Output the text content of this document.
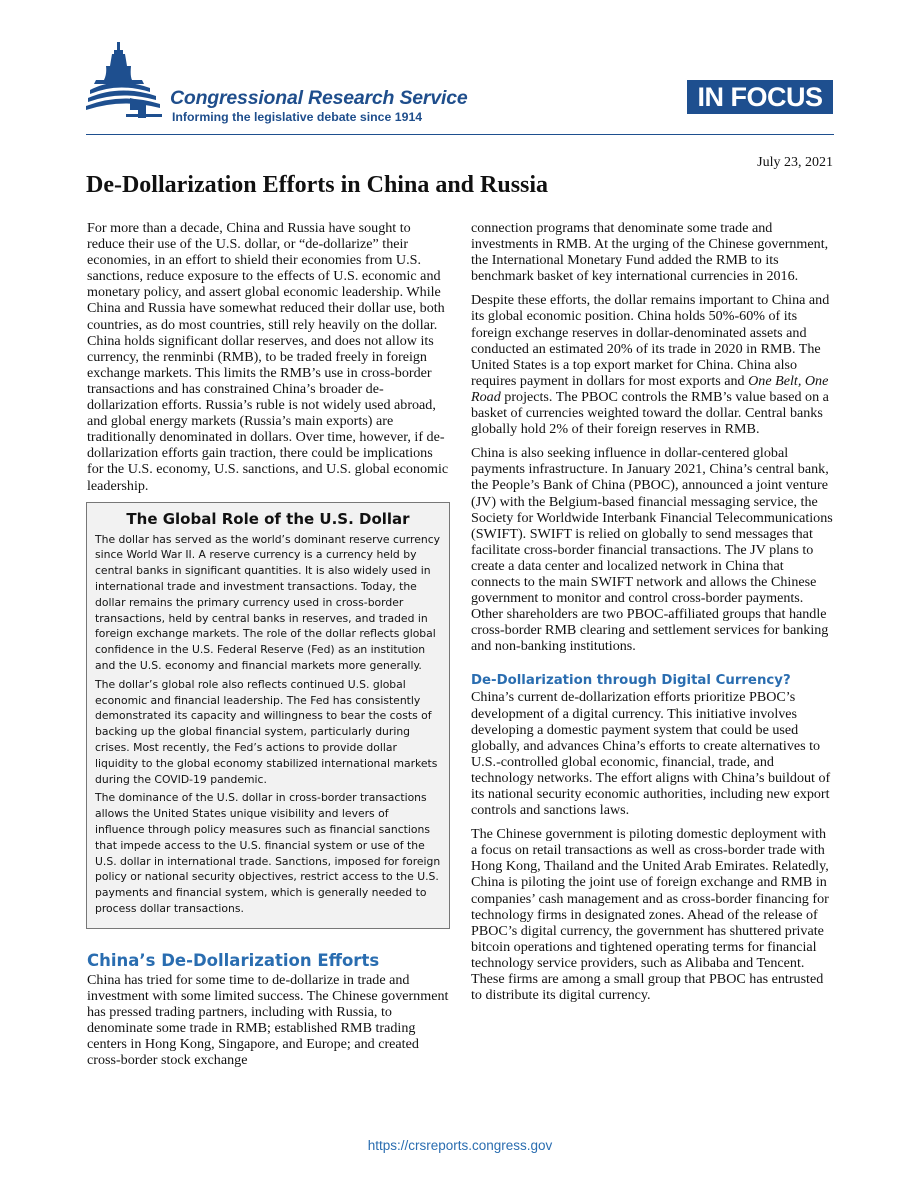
Congressional Research Service
Informing the legislative debate since 1914
IN FOCUS
July 23, 2021
De-Dollarization Efforts in China and Russia

For more than a decade, China and Russia have sought to reduce their use of the U.S. dollar, or “de-dollarize” their economies, in an effort to shield their economies from U.S. sanctions, reduce exposure to the effects of U.S. economic and monetary policy, and assert global economic leadership. While China and Russia have somewhat reduced their dollar use, both countries, as do most countries, still rely heavily on the dollar. China holds significant dollar reserves, and does not allow its currency, the renminbi (RMB), to be traded freely in foreign exchange markets. This limits the RMB’s use in cross-border transactions and has constrained China’s broader de-dollarization efforts. Russia’s ruble is not widely used abroad, and global energy markets (Russia’s main exports) are traditionally denominated in dollars. Over time, however, if de-dollarization efforts gain traction, there could be implications for the U.S. economy, U.S. sanctions, and U.S. global economic leadership.

The Global Role of the U.S. Dollar

The dollar has served as the world’s dominant reserve currency since World War II. A reserve currency is a currency held by central banks in significant quantities. It is also widely used in international trade and investment transactions. Today, the dollar remains the primary currency used in cross-border transactions, held by central banks in reserves, and traded in foreign exchange markets. The role of the dollar reflects global confidence in the U.S. Federal Reserve (Fed) as an institution and the U.S. economy and financial markets more generally.

The dollar’s global role also reflects continued U.S. global economic and financial leadership. The Fed has consistently demonstrated its capacity and willingness to bear the costs of backing up the global financial system, particularly during crises. Most recently, the Fed’s actions to provide dollar liquidity to the global economy stabilized international markets during the COVID-19 pandemic.

The dominance of the U.S. dollar in cross-border transactions allows the United States unique visibility and levers of influence through policy measures such as financial sanctions that impede access to the U.S. financial system or use of the U.S. dollar in international trade. Sanctions, imposed for foreign policy or national security objectives, restrict access to the U.S. payments and financial system, which is generally needed to process dollar transactions.

China’s De-Dollarization Efforts

China has tried for some time to de-dollarize in trade and investment with some limited success. The Chinese government has pressed trading partners, including with Russia, to denominate some trade in RMB; established RMB trading centers in Hong Kong, Singapore, and Europe; and created cross-border stock exchange

connection programs that denominate some trade and investments in RMB. At the urging of the Chinese government, the International Monetary Fund added the RMB to its benchmark basket of key international currencies in 2016.

Despite these efforts, the dollar remains important to China and its global economic position. China holds 50%-60% of its foreign exchange reserves in dollar-denominated assets and conducted an estimated 20% of its trade in 2020 in RMB. The United States is a top export market for China. China also requires payment in dollars for most exports and One Belt, One Road projects. The PBOC controls the RMB’s value based on a basket of currencies weighted toward the dollar. Central banks globally hold 2% of their foreign reserves in RMB.

China is also seeking influence in dollar-centered global payments infrastructure. In January 2021, China’s central bank, the People’s Bank of China (PBOC), announced a joint venture (JV) with the Belgium-based financial messaging service, the Society for Worldwide Interbank Financial Telecommunications (SWIFT). SWIFT is relied on globally to send messages that facilitate cross-border financial transactions. The JV plans to create a data center and localized network in China that connects to the main SWIFT network and allows the Chinese government to monitor and control cross-border payments. Other shareholders are two PBOC-affiliated groups that handle cross-border RMB clearing and settlement services for banking and non-banking institutions.

De-Dollarization through Digital Currency?

China’s current de-dollarization efforts prioritize PBOC’s development of a digital currency. This initiative involves developing a domestic payment system that could be used globally, and advances China’s efforts to create alternatives to U.S.-controlled global economic, financial, trade, and technology networks. The effort aligns with China’s buildout of its national security economic authorities, including new export controls and sanctions laws.

The Chinese government is piloting domestic deployment with a focus on retail transactions as well as cross-border trade with Hong Kong, Thailand and the United Arab Emirates. Relatedly, China is piloting the joint use of foreign exchange and RMB in companies’ cash management and as cross-border financing for technology firms in designated zones. Ahead of the release of PBOC’s digital currency, the government has shuttered private bitcoin operations and tightened operating terms for financial technology service providers, such as Alibaba and Tencent. These firms are among a small group that PBOC has entrusted to distribute its digital currency.

https://crsreports.congress.gov
